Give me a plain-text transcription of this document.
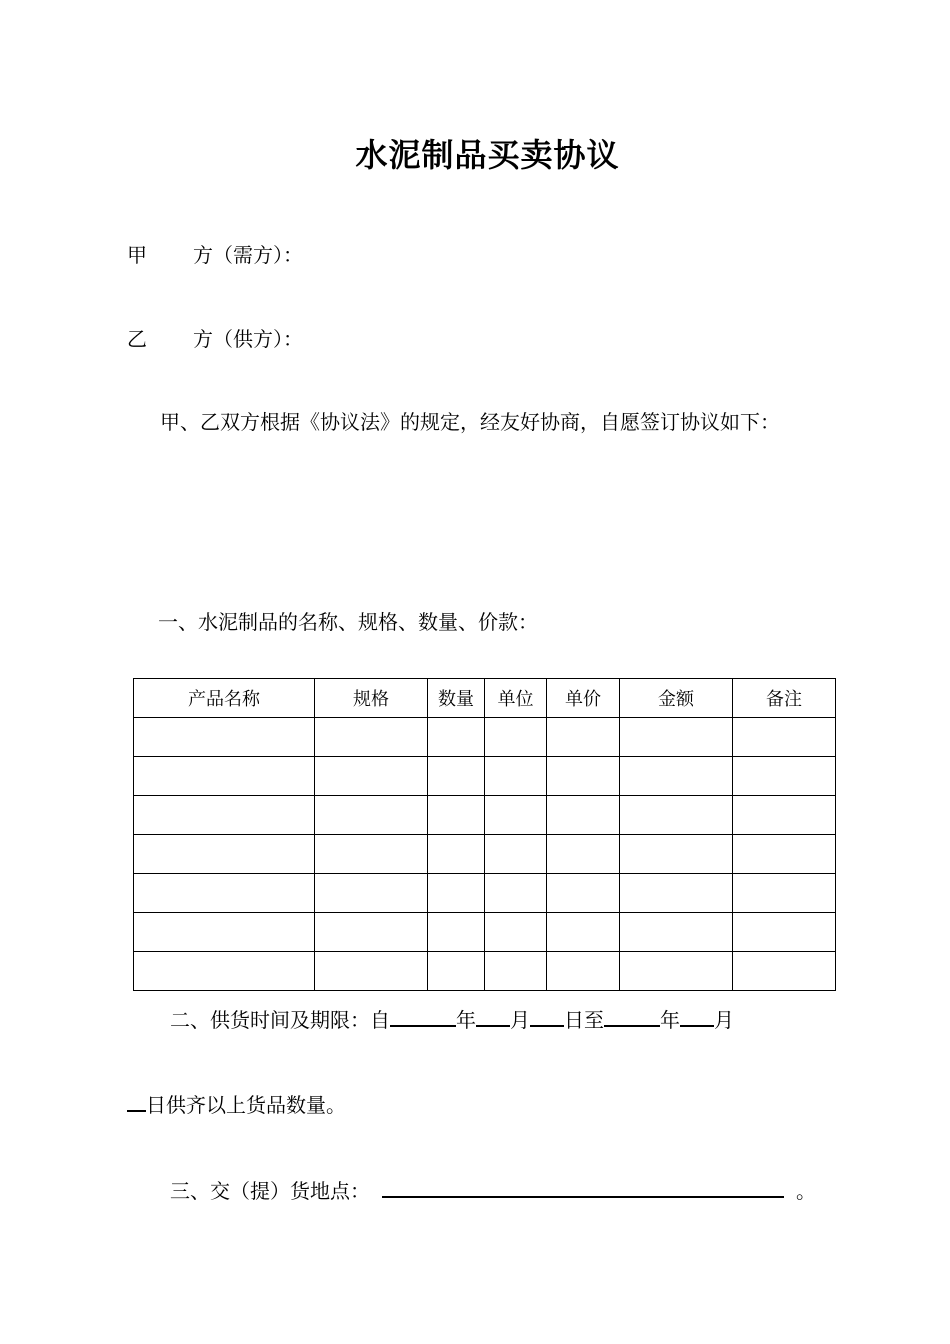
水泥制品买卖协议
甲 方（需方）：
乙 方（供方）：
甲、乙双方根据《协议法》的规定，经友好协商，自愿签订协议如下：
一、水泥制品的名称、规格、数量、价款：
产品名称	规格	数量	单位	单价	金额	备注

二、供货时间及期限：自	年 月 日至	年 月
日供齐以上货品数量。
三、交（提）货地点：	。
